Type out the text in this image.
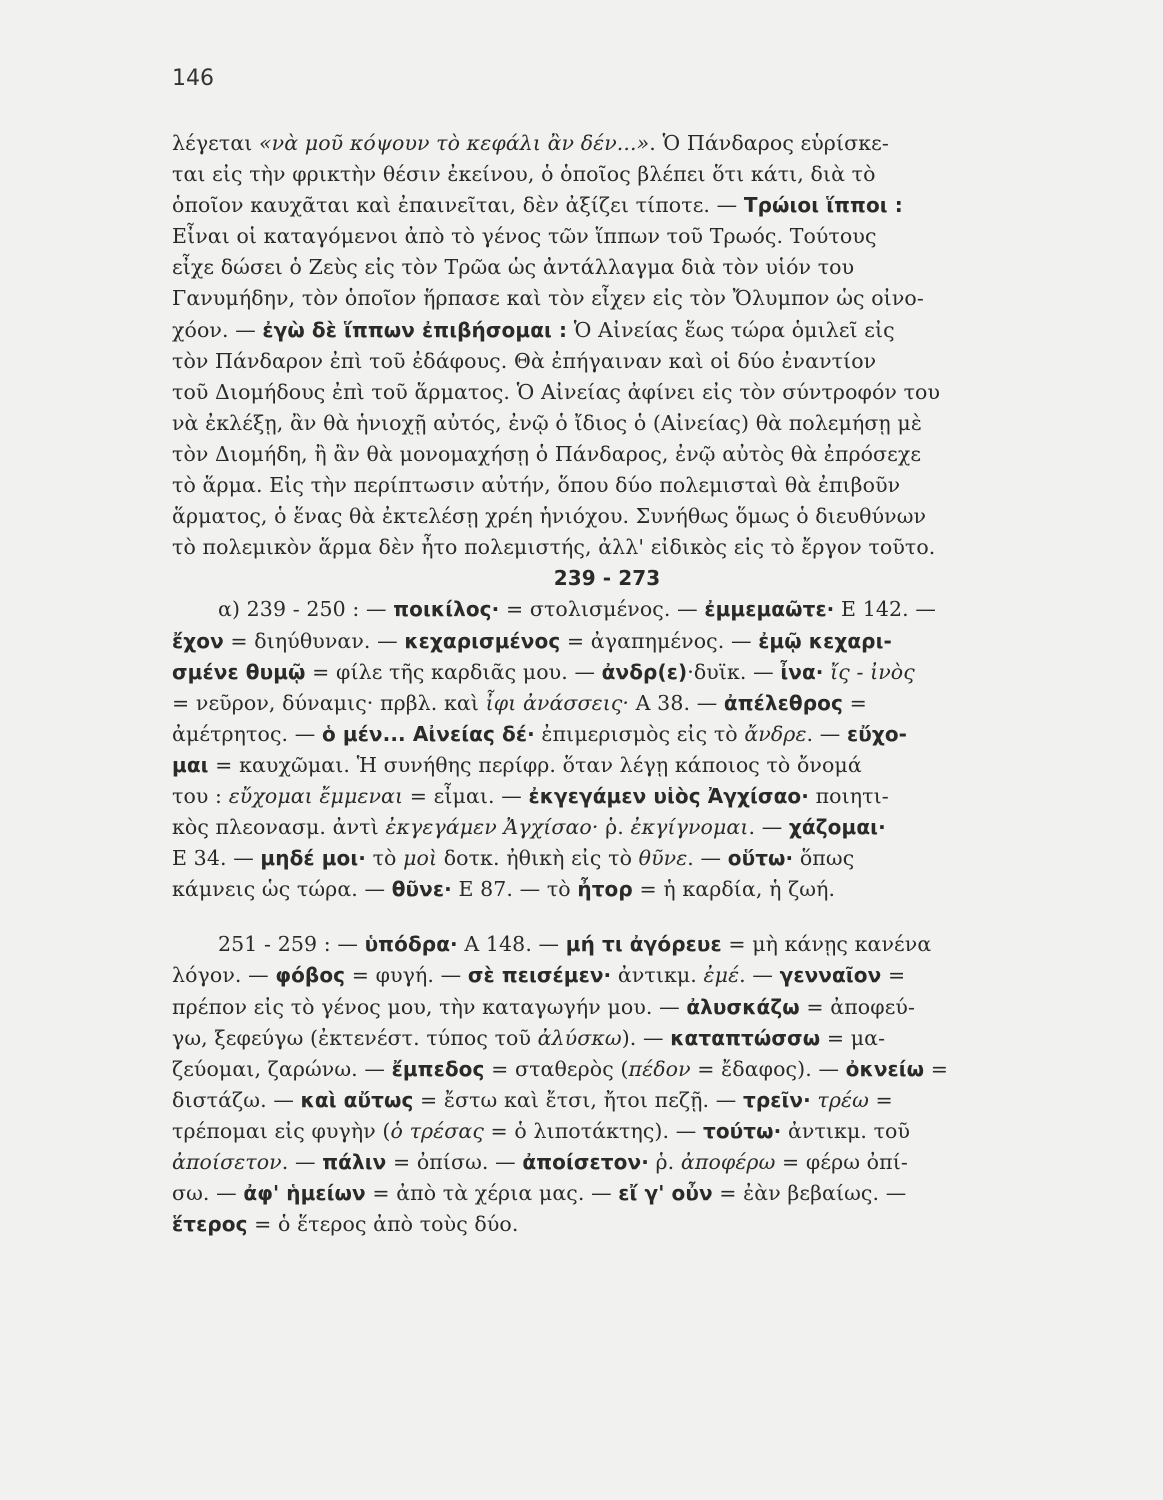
146
λέγεται «νὰ μοῦ κόψουν τὸ κεφάλι ἂν δέν...». Ὁ Πάνδαρος εὑρίσκε-
ται εἰς τὴν φρικτὴν θέσιν ἐκείνου, ὁ ὁποῖος βλέπει ὅτι κάτι, διὰ τὸ
ὁποῖον καυχᾶται καὶ ἐπαινεῖται, δὲν ἀξίζει τίποτε. — Τρώιοι ἵπποι :
Εἶναι οἱ καταγόμενοι ἀπὸ τὸ γένος τῶν ἵππων τοῦ Τρωός. Τούτους
εἶχε δώσει ὁ Ζεὺς εἰς τὸν Τρῶα ὡς ἀντάλλαγμα διὰ τὸν υἱόν του
Γανυμήδην, τὸν ὁποῖον ἥρπασε καὶ τὸν εἶχεν εἰς τὸν Ὄλυμπον ὡς οἰνο-
χόον. — ἐγὼ δὲ ἵππων ἐπιβήσομαι : Ὁ Αἰνείας ἕως τώρα ὁμιλεῖ εἰς
τὸν Πάνδαρον ἐπὶ τοῦ ἐδάφους. Θὰ ἐπήγαιναν καὶ οἱ δύο ἐναντίον
τοῦ Διομήδους ἐπὶ τοῦ ἅρματος. Ὁ Αἰνείας ἀφίνει εἰς τὸν σύντροφόν του
νὰ ἐκλέξῃ, ἂν θὰ ἡνιοχῇ αὐτός, ἐνῷ ὁ ἴδιος ὁ (Αἰνείας) θὰ πολεμήσῃ μὲ
τὸν Διομήδη, ἢ ἂν θὰ μονομαχήσῃ ὁ Πάνδαρος, ἐνῷ αὐτὸς θὰ ἐπρόσεχε
τὸ ἅρμα. Εἰς τὴν περίπτωσιν αὐτήν, ὅπου δύο πολεμισταὶ θὰ ἐπιβοῦν
ἅρματος, ὁ ἕνας θὰ ἐκτελέσῃ χρέη ἡνιόχου. Συνήθως ὅμως ὁ διευθύνων
τὸ πολεμικὸν ἅρμα δὲν ἦτο πολεμιστής, ἀλλ' εἰδικὸς εἰς τὸ ἔργον τοῦτο.
239 - 273
α) 239 - 250 : — ποικίλος· = στολισμένος. — ἐμμεμαῶτε· Ε 142. —
ἔχον = διηύθυναν. — κεχαρισμένος = ἀγαπημένος. — ἐμῷ κεχαρι-
σμένε θυμῷ = φίλε τῆς καρδιᾶς μου. — ἀνδρ(ε)·δυϊκ. — ἶνα· ἴς - ἰνὸς
= νεῦρον, δύναμις· πρβλ. καὶ ἶφι ἀνάσσεις· Α 38. — ἀπέλεθρος =
ἀμέτρητος. — ὁ μέν... Αἰνείας δέ· ἐπιμερισμὸς εἰς τὸ ἄνδρε. — εὔχο-
μαι = καυχῶμαι. Ἡ συνήθης περίφρ. ὅταν λέγῃ κάποιος τὸ ὄνομά
του : εὔχομαι ἔμμεναι = εἶμαι. — ἐκγεγάμεν υἱὸς Ἀγχίσαο· ποιητι-
κὸς πλεονασμ. ἀντὶ ἐκγεγάμεν Ἀγχίσαο· ῥ. ἐκγίγνομαι. — χάζομαι·
Ε 34. — μηδέ μοι· τὸ μοὶ δοτκ. ἠθικὴ εἰς τὸ θῦνε. — οὕτω· ὅπως
κάμνεις ὡς τώρα. — θῦνε· Ε 87. — τὸ ἦτορ = ἡ καρδία, ἡ ζωή.
251 - 259 : — ὑπόδρα· Α 148. — μή τι ἀγόρευε = μὴ κάνῃς κανένα
λόγον. — φόβος = φυγή. — σὲ πεισέμεν· ἀντικμ. ἐμέ. — γενναῖον =
πρέπον εἰς τὸ γένος μου, τὴν καταγωγήν μου. — ἀλυσκάζω = ἀποφεύ-
γω, ξεφεύγω (ἐκτενέστ. τύπος τοῦ ἀλύσκω). — καταπτώσσω = μα-
ζεύομαι, ζαρώνω. — ἔμπεδος = σταθερὸς (πέδον = ἔδαφος). — ὀκνείω =
διστάζω. — καὶ αὔτως = ἔστω καὶ ἔτσι, ἤτοι πεζῇ. — τρεῖν· τρέω =
τρέπομαι εἰς φυγὴν (ὁ τρέσας = ὁ λιποτάκτης). — τούτω· ἀντικμ. τοῦ
ἀποίσετον. — πάλιν = ὀπίσω. — ἀποίσετον· ῥ. ἀποφέρω = φέρω ὀπί-
σω. — ἀφ' ἡμείων = ἀπὸ τὰ χέρια μας. — εἴ γ' οὖν = ἐὰν βεβαίως. —
ἕτερος = ὁ ἕτερος ἀπὸ τοὺς δύο.
